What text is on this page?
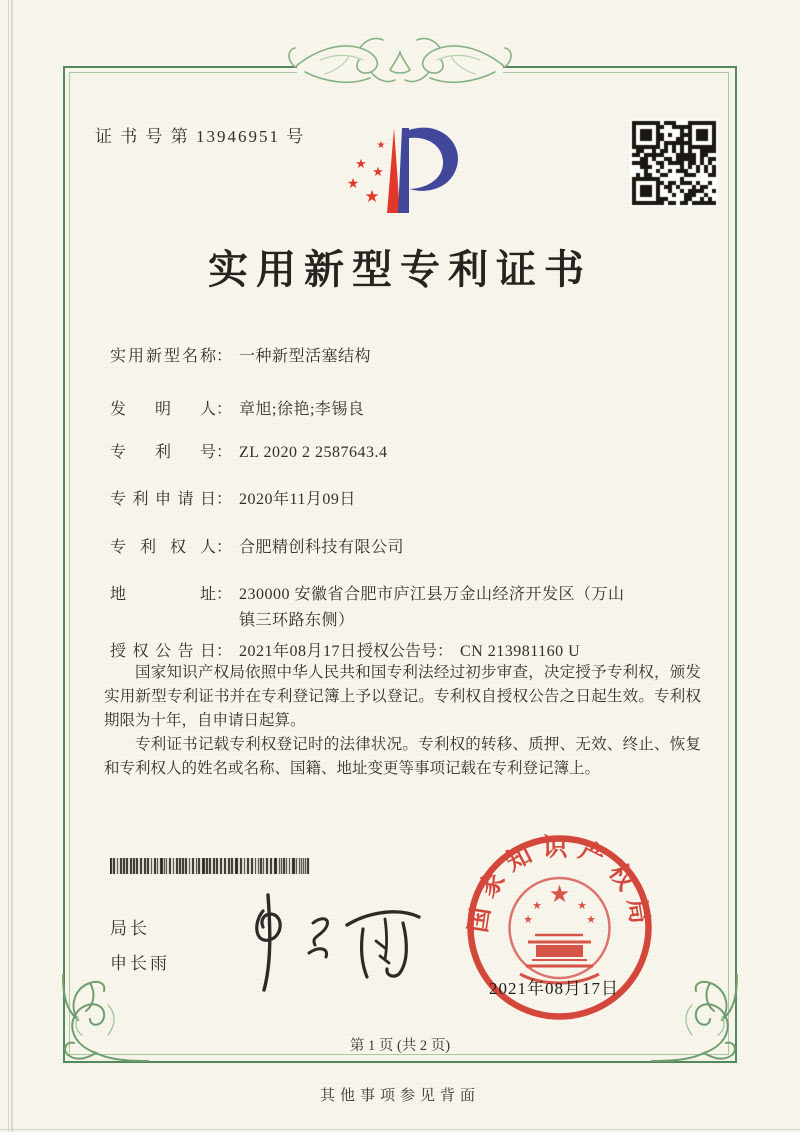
证 书 号 第 13946951 号	★
★
★
★
★
实用新型专利证书
实用新型名称 ： 一种新型活塞结构
发明人 ： 章旭;徐艳;李锡良
专利号 ： ZL 2020 2 2587643.4
专利申请日 ： 2020年11月09日
专利权人 ： 合肥精创科技有限公司
地址 ： 230000 安徽省合肥市庐江县万金山经济开发区（万山镇三环路东侧）
授权公告日 ： 2021年08月17日 授权公告号 ： CN 213981160 U

国家知识产权局依照中华人民共和国专利法经过初步审查，决定授予专利权，颁发实用新型专利证书并在专利登记簿上予以登记。专利权自授权公告之日起生效。专利权期限为十年，自申请日起算。

专利证书记载专利权登记时的法律状况。专利权的转移、质押、无效、终止、恢复和专利权人的姓名或名称、国籍、地址变更等事项记载在专利登记簿上。

局长
申长雨
国家知识产权局
★
★	★
★	★
2021年08月17日
第 1 页 (共 2 页)
其他事项参见背面
